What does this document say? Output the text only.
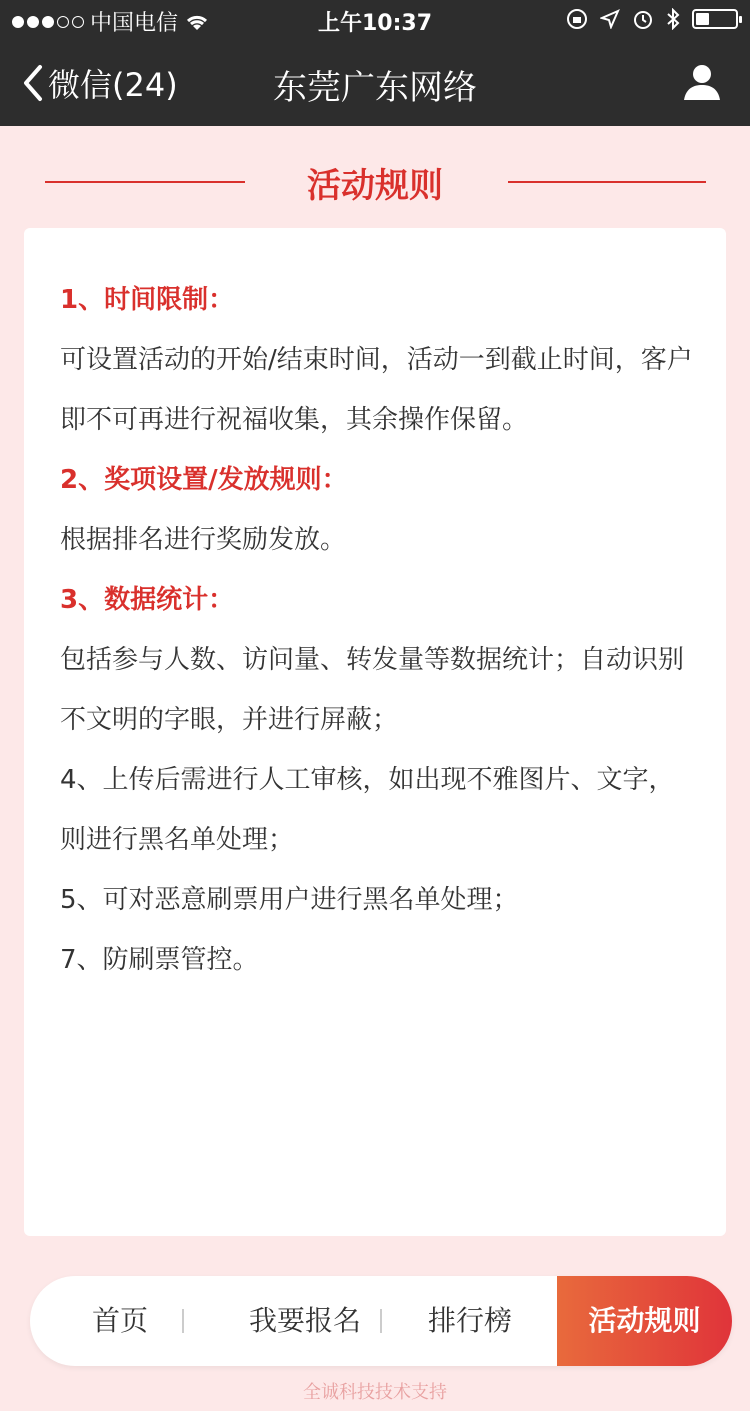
中国电信	上午10:37
微信(24)	东莞广东网络
活动规则
1、时间限制：
可设置活动的开始/结束时间，活动一到截止时间，客户即不可再进行祝福收集，其余操作保留。
2、奖项设置/发放规则：
根据排名进行奖励发放。
3、数据统计：
包括参与人数、访问量、转发量等数据统计；自动识别不文明的字眼，并进行屏蔽；
4、上传后需进行人工审核，如出现不雅图片、文字，则进行黑名单处理；
5、可对恶意刷票用户进行黑名单处理；
7、防刷票管控。
首页	我要报名	排行榜	活动规则
全诚科技技术支持
